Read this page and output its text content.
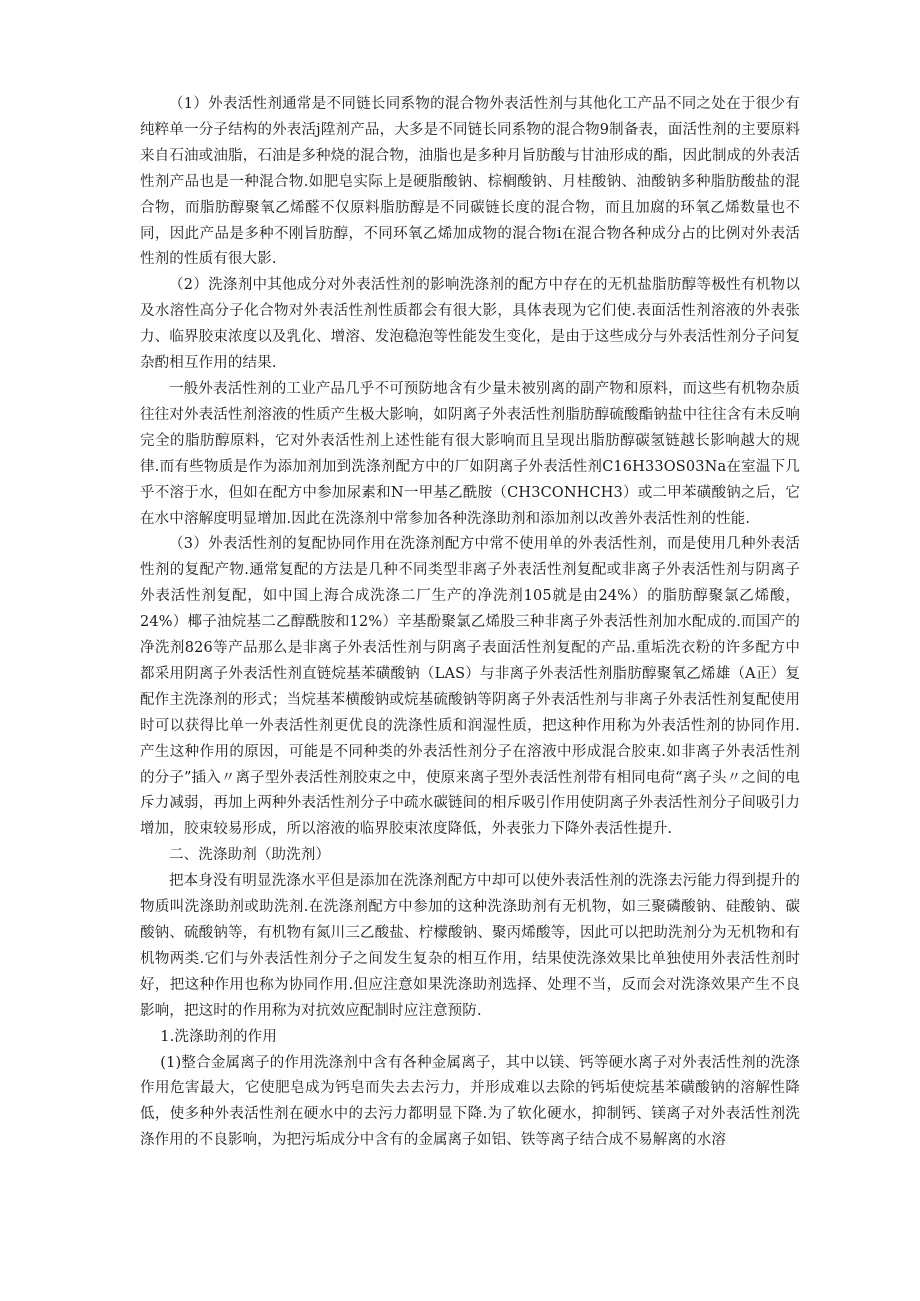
（1）外表活性剂通常是不同链长同系物的混合物外表活性剂与其他化工产品不同之处在于很少有纯粹单一分子结构的外表活j陞剂产品，大多是不同链长同系物的混合物9制备表，面活性剂的主要原料来自石油或油脂，石油是多种烧的混合物，油脂也是多种月旨肪酸与甘油形成的酯，因此制成的外表活性剂产品也是一种混合物.如肥皂实际上是硬脂酸钠、棕榈酸钠、月桂酸钠、油酸钠多种脂肪酸盐的混合物，而脂肪醇聚氧乙烯醛不仅原料脂肪醇是不同碳链长度的混合物，而且加腐的环氧乙烯数量也不同，因此产品是多种不刚旨肪醇，不同环氧乙烯加成物的混合物i在混合物各种成分占的比例对外表活性剂的性质有很大影.

（2）洗涤剂中其他成分对外表活性剂的影响洗涤剂的配方中存在的无机盐脂肪醇等极性有机物以及水溶性高分子化合物对外表活性剂性质都会有很大影，具体表现为它们使.表面活性剂溶液的外表张力、临界胶束浓度以及乳化、增溶、发泡稳泡等性能发生变化，是由于这些成分与外表活性剂分子问复杂酌相互作用的结果.

一般外表活性剂的工业产品几乎不可预防地含有少量未被别离的副产物和原料，而这些有机物杂质往往对外表活性剂溶液的性质产生极大影响，如阴离子外表活性剂脂肪醇硫酸酯钠盐中往往含有未反响完全的脂肪醇原料，它对外表活性剂上述性能有很大影响而且呈现出脂肪醇碳氢链越长影响越大的规律.而有些物质是作为添加剂加到洗涤剂配方中的厂如阴离子外表活性剂C16H33OS03Na在室温下几乎不溶于水，但如在配方中参加尿素和N一甲基乙酰胺（CH3CONHCH3）或二甲苯磺酸钠之后，它在水中溶解度明显增加.因此在洗涤剂中常参加各种洗涤助剂和添加剂以改善外表活性剂的性能.

（3）外表活性剂的复配协同作用在洗涤剂配方中常不使用单的外表活性剂，而是使用几种外表活性剂的复配产物.通常复配的方法是几种不同类型非离子外表活性剂复配或非离子外表活性剂与阴离子外表活性剂复配，如中国上海合成洗涤二厂生产的净洗剂105就是由24%）的脂肪醇聚氯乙烯酸，24%）椰子油烷基二乙醇酰胺和12%）辛基酚聚氯乙烯股三种非离子外表活性剂加水配成的.而国产的净洗剂826等产品那么是非离子外表活性剂与阴离子表面活性剂复配的产品.重垢洗衣粉的许多配方中都采用阴离子外表活性剂直链烷基苯磺酸钠（LAS）与非离子外表活性剂脂肪醇聚氧乙烯雄（A正）复配作主洗涤剂的形式；当烷基苯横酸钠或烷基硫酸钠等阴离子外表活性剂与非离子外表活性剂复配使用时可以获得比单一外表活性剂更优良的洗涤性质和润湿性质，把这种作用称为外表活性剂的协同作用.产生这种作用的原因，可能是不同种类的外表活性剂分子在溶液中形成混合胶束.如非离子外表活性剂的分子”插入〃离子型外表活性剂胶束之中，使原来离子型外表活性剂带有相同电荷“离子头〃之间的电斥力减弱，再加上两种外表活性剂分子中疏水碳链间的相斥吸引作用使阴离子外表活性剂分子间吸引力增加，胶束较易形成，所以溶液的临界胶束浓度降低，外表张力下降外表活性提升.

二、洗涤助剂（助洗剂）

把本身没有明显洗涤水平但是添加在洗涤剂配方中却可以使外表活性剂的洗涤去污能力得到提升的物质叫洗涤助剂或助洗剂.在洗涤剂配方中参加的这种洗涤助剂有无机物，如三聚磷酸钠、硅酸钠、碳酸钠、硫酸钠等，有机物有氮川三乙酸盐、柠檬酸钠、聚丙烯酸等，因此可以把助洗剂分为无机物和有机物两类.它们与外表活性剂分子之间发生复杂的相互作用，结果使洗涤效果比单独使用外表活性剂时好，把这种作用也称为协同作用.但应注意如果洗涤助剂选择、处理不当，反而会对洗涤效果产生不良影响，把这时的作用称为对抗效应配制时应注意预防.

1.洗涤助剂的作用

(1)整合金属离子的作用洗涤剂中含有各种金属离子，其中以镁、钙等硬水离子对外表活性剂的洗涤作用危害最大，它使肥皂成为钙皂而失去去污力，并形成难以去除的钙垢使烷基苯磺酸钠的溶解性降低，使多种外表活性剂在硬水中的去污力都明显下降.为了软化硬水，抑制钙、镁离子对外表活性剂洗涤作用的不良影响，为把污垢成分中含有的金属离子如铝、铁等离子结合成不易解离的水溶
